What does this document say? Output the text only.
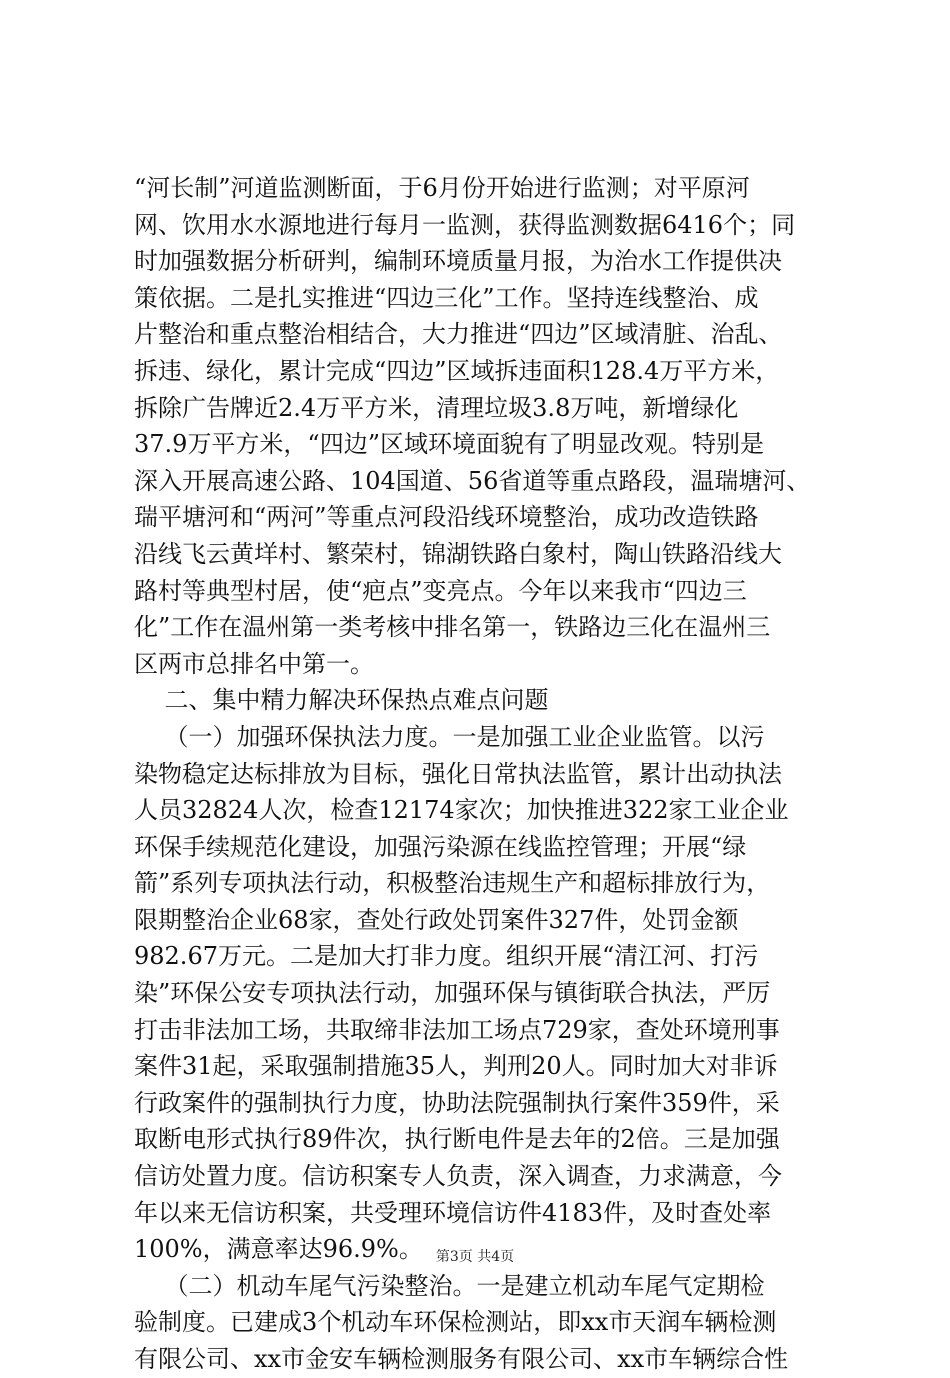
“河长制”河道监测断面，于6月份开始进行监测；对平原河
网、饮用水水源地进行每月一监测，获得监测数据6416个；同
时加强数据分析研判，编制环境质量月报，为治水工作提供决
策依据。二是扎实推进“四边三化”工作。坚持连线整治、成
片整治和重点整治相结合，大力推进“四边”区域清脏、治乱、
拆违、绿化，累计完成“四边”区域拆违面积128.4万平方米，
拆除广告牌近2.4万平方米，清理垃圾3.8万吨，新增绿化
37.9万平方米，“四边”区域环境面貌有了明显改观。特别是
深入开展高速公路、104国道、56省道等重点路段，温瑞塘河、
瑞平塘河和“两河”等重点河段沿线环境整治，成功改造铁路
沿线飞云黄垟村、繁荣村，锦湖铁路白象村，陶山铁路沿线大
路村等典型村居，使“疤点”变亮点。今年以来我市“四边三
化”工作在温州第一类考核中排名第一，铁路边三化在温州三
区两市总排名中第一。
二、集中精力解决环保热点难点问题
（一）加强环保执法力度。一是加强工业企业监管。以污
染物稳定达标排放为目标，强化日常执法监管，累计出动执法
人员32824人次，检查12174家次；加快推进322家工业企业
环保手续规范化建设，加强污染源在线监控管理；开展“绿
箭”系列专项执法行动，积极整治违规生产和超标排放行为，
限期整治企业68家，查处行政处罚案件327件，处罚金额
982.67万元。二是加大打非力度。组织开展“清江河、打污
染”环保公安专项执法行动，加强环保与镇街联合执法，严厉
打击非法加工场，共取缔非法加工场点729家，查处环境刑事
案件31起，采取强制措施35人，判刑20人。同时加大对非诉
行政案件的强制执行力度，协助法院强制执行案件359件，采
取断电形式执行89件次，执行断电件是去年的2倍。三是加强
信访处置力度。信访积案专人负责，深入调查，力求满意，今
年以来无信访积案，共受理环境信访件4183件，及时查处率
100%，满意率达96.9%。
（二）机动车尾气污染整治。一是建立机动车尾气定期检
验制度。已建成3个机动车环保检测站，即xx市天润车辆检测
有限公司、xx市金安车辆检测服务有限公司、xx市车辆综合性
第3页 共4页
